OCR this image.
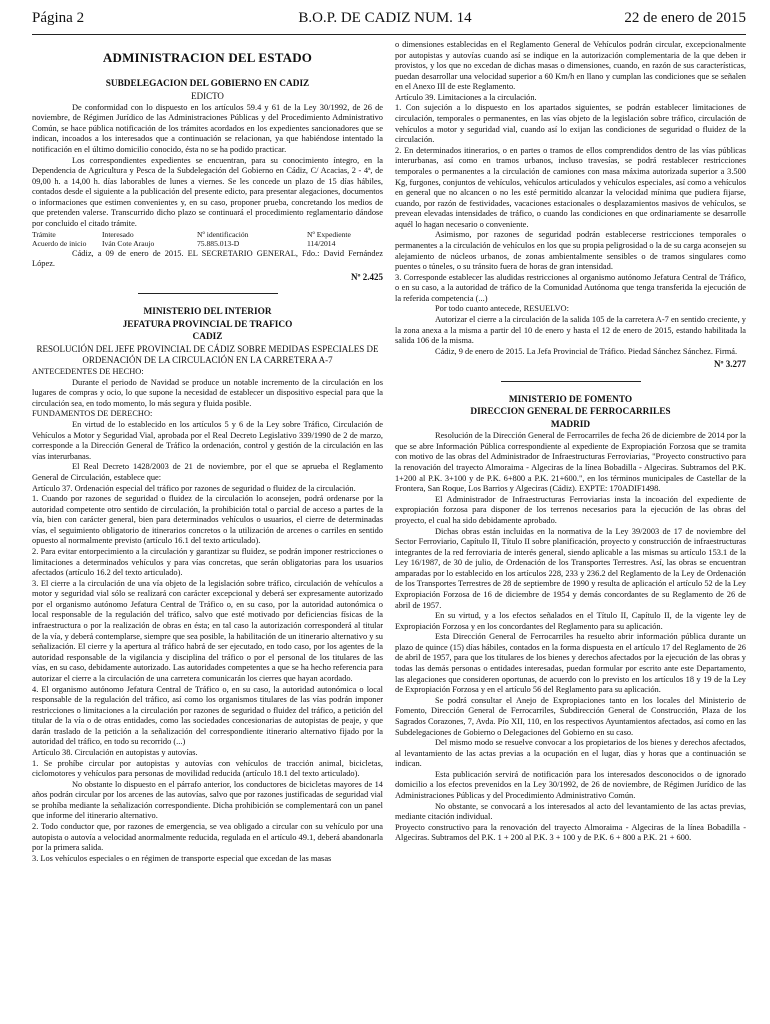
Página 2	B.O.P. DE CADIZ NUM. 14	22 de enero de 2015
ADMINISTRACION DEL ESTADO
SUBDELEGACION DEL GOBIERNO EN CADIZ
EDICTO

De conformidad con lo dispuesto en los artículos 59.4 y 61 de la Ley 30/1992, de 26 de noviembre, de Régimen Jurídico de las Administraciones Públicas y del Procedimiento Administrativo Común, se hace pública notificación de los trámites acordados en los expedientes sancionadores que se indican, incoados a los interesados que a continuación se relacionan, ya que habiéndose intentado la notificación en el último domicilio conocido, ésta no se ha podido practicar.

Los correspondientes expedientes se encuentran, para su conocimiento íntegro, en la Dependencia de Agricultura y Pesca de la Subdelegación del Gobierno en Cádiz, C/ Acacias, 2 - 4ª, de 09,00 h. a 14,00 h. días laborables de lunes a viernes. Se les concede un plazo de 15 días hábiles, contados desde el siguiente a la publicación del presente edicto, para presentar alegaciones, documentos o informaciones que estimen convenientes y, en su caso, proponer prueba, concretando los medios de que pretenden valerse. Transcurrido dicho plazo se continuará el procedimiento reglamentario dándose por concluido el citado trámite.

Trámite	Interesado	Nº identificación	Nº Expediente
Acuerdo de inicio	Iván Cote Araujo	75.885.013-D	114/2014

Cádiz, a 09 de enero de 2015. EL SECRETARIO GENERAL, Fdo.: David Fernández López.

Nº 2.425
MINISTERIO DEL INTERIOR
JEFATURA PROVINCIAL DE TRAFICO
CADIZ
RESOLUCIÓN DEL JEFE PROVINCIAL DE CÁDIZ SOBRE MEDIDAS ESPECIALES DE ORDENACIÓN DE LA CIRCULACIÓN EN LA CARRETERA A-7

ANTECEDENTES DE HECHO:

Durante el periodo de Navidad se produce un notable incremento de la circulación en los lugares de compras y ocio, lo que supone la necesidad de establecer un dispositivo especial para que la circulación sea, en todo momento, lo más segura y fluida posible.

FUNDAMENTOS DE DERECHO:

En virtud de lo establecido en los artículos 5 y 6 de la Ley sobre Tráfico, Circulación de Vehículos a Motor y Seguridad Vial, aprobada por el Real Decreto Legislativo 339/1990 de 2 de marzo, corresponde a la Dirección General de Tráfico la ordenación, control y gestión de la circulación en las vías interurbanas.

El Real Decreto 1428/2003 de 21 de noviembre, por el que se aprueba el Reglamento General de Circulación, establece que:

Artículo 37. Ordenación especial del tráfico por razones de seguridad o fluidez de la circulación.

1. Cuando por razones de seguridad o fluidez de la circulación lo aconsejen, podrá ordenarse por la autoridad competente otro sentido de circulación, la prohibición total o parcial de acceso a partes de la vía, bien con carácter general, bien para determinados vehículos o usuarios, el cierre de determinadas vías, el seguimiento obligatorio de itinerarios concretos o la utilización de arcenes o carriles en sentido opuesto al normalmente previsto (artículo 16.1 del texto articulado).

2. Para evitar entorpecimiento a la circulación y garantizar su fluidez, se podrán imponer restricciones o limitaciones a determinados vehículos y para vías concretas, que serán obligatorias para los usuarios afectados (artículo 16.2 del texto articulado).

3. El cierre a la circulación de una vía objeto de la legislación sobre tráfico, circulación de vehículos a motor y seguridad vial sólo se realizará con carácter excepcional y deberá ser expresamente autorizado por el organismo autónomo Jefatura Central de Tráfico o, en su caso, por la autoridad autonómica o local responsable de la regulación del tráfico, salvo que esté motivado por deficiencias físicas de la infraestructura o por la realización de obras en ésta; en tal caso la autorización corresponderá al titular de la vía, y deberá contemplarse, siempre que sea posible, la habilitación de un itinerario alternativo y su señalización. El cierre y la apertura al tráfico habrá de ser ejecutado, en todo caso, por los agentes de la autoridad responsable de la vigilancia y disciplina del tráfico o por el personal de los titulares de las vías, en su caso, debidamente autorizado. Las autoridades competentes a que se ha hecho referencia para autorizar el cierre a la circulación de una carretera comunicarán los cierres que hayan acordado.

4. El organismo autónomo Jefatura Central de Tráfico o, en su caso, la autoridad autonómica o local responsable de la regulación del tráfico, así como los organismos titulares de las vías podrán imponer restricciones o limitaciones a la circulación por razones de seguridad o fluidez del tráfico, a petición del titular de la vía o de otras entidades, como las sociedades concesionarias de autopistas de peaje, y que darán traslado de la petición a la señalización del correspondiente itinerario alternativo fijado por la autoridad del tráfico, en todo su recorrido (...)

Artículo 38. Circulación en autopistas y autovías.

1. Se prohíbe circular por autopistas y autovías con vehículos de tracción animal, bicicletas, ciclomotores y vehículos para personas de movilidad reducida (artículo 18.1 del texto articulado).

No obstante lo dispuesto en el párrafo anterior, los conductores de bicicletas mayores de 14 años podrán circular por los arcenes de las autovías, salvo que por razones justificadas de seguridad vial se prohíba mediante la señalización correspondiente. Dicha prohibición se complementará con un panel que informe del itinerario alternativo.

2. Todo conductor que, por razones de emergencia, se vea obligado a circular con su vehículo por una autopista o autovía a velocidad anormalmente reducida, regulada en el artículo 49.1, deberá abandonarla por la primera salida.

3. Los vehículos especiales o en régimen de transporte especial que excedan de las masas

o dimensiones establecidas en el Reglamento General de Vehículos podrán circular, excepcionalmente por autopistas y autovías cuando así se indique en la autorización complementaria de la que deben ir provistos, y los que no excedan de dichas masas o dimensiones, cuando, en razón de sus características, puedan desarrollar una velocidad superior a 60 Km/h en llano y cumplan las condiciones que se señalen en el Anexo III de este Reglamento.

Artículo 39. Limitaciones a la circulación.

1. Con sujeción a lo dispuesto en los apartados siguientes, se podrán establecer limitaciones de circulación, temporales o permanentes, en las vías objeto de la legislación sobre tráfico, circulación de vehículos a motor y seguridad vial, cuando así lo exijan las condiciones de seguridad o fluidez de la circulación.

2. En determinados itinerarios, o en partes o tramos de ellos comprendidos dentro de las vías públicas interurbanas, así como en tramos urbanos, incluso travesías, se podrá restablecer restricciones temporales o permanentes a la circulación de camiones con masa máxima autorizada superior a 3.500 Kg, furgones, conjuntos de vehículos, vehículos articulados y vehículos especiales, así como a vehículos en general que no alcancen o no les esté permitido alcanzar la velocidad mínima que pudiera fijarse, cuando, por razón de festividades, vacaciones estacionales o desplazamientos masivos de vehículos, se prevean elevadas intensidades de tráfico, o cuando las condiciones en que ordinariamente se desarrolle aquél lo hagan necesario o conveniente.

Asimismo, por razones de seguridad podrán establecerse restricciones temporales o permanentes a la circulación de vehículos en los que su propia peligrosidad o la de su carga aconsejen su alejamiento de núcleos urbanos, de zonas ambientalmente sensibles o de tramos singulares como puentes o túneles, o su tránsito fuera de horas de gran intensidad.

3. Corresponde establecer las aludidas restricciones al organismo autónomo Jefatura Central de Tráfico, o en su caso, a la autoridad de tráfico de la Comunidad Autónoma que tenga transferida la ejecución de la referida competencia (...)

Por todo cuanto antecede, RESUELVO:

Autorizar el cierre a la circulación de la salida 105 de la carretera A-7 en sentido creciente, y la zona anexa a la misma a partir del 10 de enero y hasta el 12 de enero de 2015, estando habilitada la salida 106 de la misma.

Cádiz, 9 de enero de 2015. La Jefa Provincial de Tráfico. Piedad Sánchez Sánchez. Firmá.

Nº 3.277
MINISTERIO DE FOMENTO
DIRECCION GENERAL DE FERROCARRILES
MADRID

Resolución de la Dirección General de Ferrocarriles de fecha 26 de diciembre de 2014 por la que se abre Información Pública correspondiente al expediente de Expropiación Forzosa que se tramita con motivo de las obras del Administrador de Infraestructuras Ferroviarias, "Proyecto constructivo para la renovación del trayecto Almoraima - Algeciras de la línea Bobadilla - Algeciras. Subtramos del P.K. 1+200 al P.K. 3+100 y de P.K. 6+800 a P.K. 21+600.", en los términos municipales de Castellar de la Frontera, San Roque, Los Barrios y Algeciras (Cádiz). EXPTE: 170ADIF1498.

El Administrador de Infraestructuras Ferroviarias insta la incoación del expediente de expropiación forzosa para disponer de los terrenos necesarios para la ejecución de las obras del proyecto, el cual ha sido debidamente aprobado.

Dichas obras están incluidas en la normativa de la Ley 39/2003 de 17 de noviembre del Sector Ferroviario, Capítulo II, Título II sobre planificación, proyecto y construcción de infraestructuras integrantes de la red ferroviaria de interés general, siendo aplicable a las mismas su artículo 153.1 de la Ley 16/1987, de 30 de julio, de Ordenación de los Transportes Terrestres. Así, las obras se encuentran amparadas por lo establecido en los artículos 228, 233 y 236.2 del Reglamento de la Ley de Ordenación de los Transportes Terrestres de 28 de septiembre de 1990 y resulta de aplicación el artículo 52 de la Ley Expropiación Forzosa de 16 de diciembre de 1954 y demás concordantes de su Reglamento de 26 de abril de 1957.

En su virtud, y a los efectos señalados en el Título II, Capítulo II, de la vigente ley de Expropiación Forzosa y en los concordantes del Reglamento para su aplicación.

Esta Dirección General de Ferrocarriles ha resuelto abrir información pública durante un plazo de quince (15) días hábiles, contados en la forma dispuesta en el artículo 17 del Reglamento de 26 de abril de 1957, para que los titulares de los bienes y derechos afectados por la ejecución de las obras y todas las demás personas o entidades interesadas, puedan formular por escrito ante este Departamento, las alegaciones que consideren oportunas, de acuerdo con lo previsto en los artículos 18 y 19 de la Ley de Expropiación Forzosa y en el artículo 56 del Reglamento para su aplicación.

Se podrá consultar el Anejo de Expropiaciones tanto en los locales del Ministerio de Fomento, Dirección General de Ferrocarriles, Subdirección General de Construcción, Plaza de los Sagrados Corazones, 7, Avda. Pío XII, 110, en los respectivos Ayuntamientos afectados, así como en las Subdelegaciones de Gobierno o Delegaciones del Gobierno en su caso.

Del mismo modo se resuelve convocar a los propietarios de los bienes y derechos afectados, al levantamiento de las actas previas a la ocupación en el lugar, días y horas que a continuación se indican.

Esta publicación servirá de notificación para los interesados desconocidos o de ignorado domicilio a los efectos prevenidos en la Ley 30/1992, de 26 de noviembre, de Régimen Jurídico de las Administraciones Públicas y del Procedimiento Administrativo Común.

No obstante, se convocará a los interesados al acto del levantamiento de las actas previas, mediante citación individual.

Proyecto constructivo para la renovación del trayecto Almoraima - Algeciras de la línea Bobadilla - Algeciras. Subtramos del P.K. 1 + 200 al P.K. 3 + 100 y de P.K. 6 + 800 a P.K. 21 + 600.
